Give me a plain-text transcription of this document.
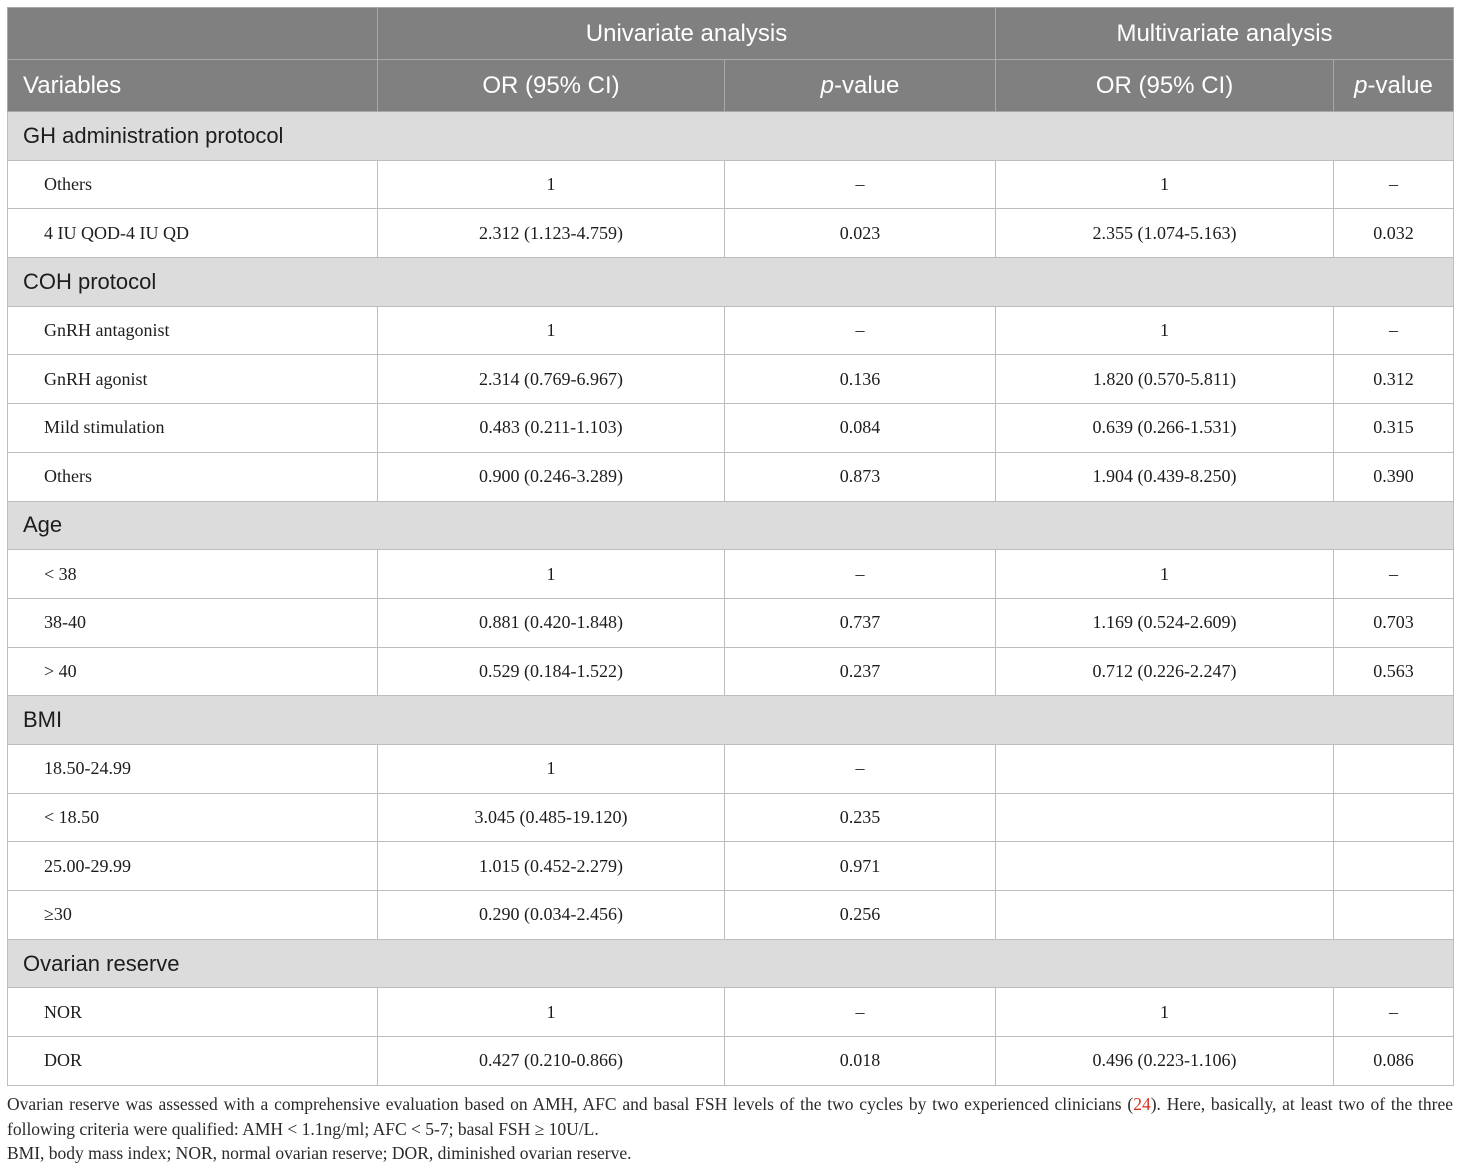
	Univariate analysis		Multivariate analysis	
Variables	OR (95% CI)	p-value	OR (95% CI)	p-value
GH administration protocol				
Others	1	–	1	–
4 IU QOD-4 IU QD	2.312 (1.123-4.759)	0.023	2.355 (1.074-5.163)	0.032
COH protocol				
GnRH antagonist	1	–	1	–
GnRH agonist	2.314 (0.769-6.967)	0.136	1.820 (0.570-5.811)	0.312
Mild stimulation	0.483 (0.211-1.103)	0.084	0.639 (0.266-1.531)	0.315
Others	0.900 (0.246-3.289)	0.873	1.904 (0.439-8.250)	0.390
Age				
< 38	1	–	1	–
38-40	0.881 (0.420-1.848)	0.737	1.169 (0.524-2.609)	0.703
> 40	0.529 (0.184-1.522)	0.237	0.712 (0.226-2.247)	0.563
BMI				
18.50-24.99	1	–		
< 18.50	3.045 (0.485-19.120)	0.235		
25.00-29.99	1.015 (0.452-2.279)	0.971		
≥30	0.290 (0.034-2.456)	0.256		
Ovarian reserve				
NOR	1	–	1	–
DOR	0.427 (0.210-0.866)	0.018	0.496 (0.223-1.106)	0.086

Ovarian reserve was assessed with a comprehensive evaluation based on AMH, AFC and basal FSH levels of the two cycles by two experienced clinicians (24). Here, basically, at least two of the three following criteria were qualified: AMH < 1.1ng/ml; AFC < 5-7; basal FSH ≥ 10U/L.

BMI, body mass index; NOR, normal ovarian reserve; DOR, diminished ovarian reserve.
